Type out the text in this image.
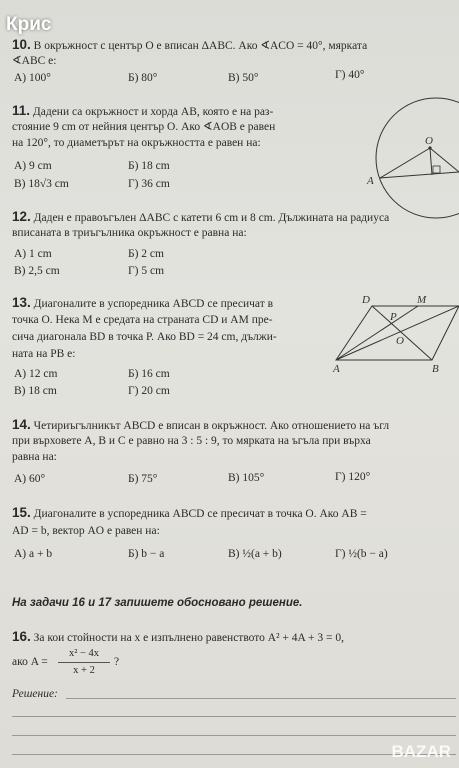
Крис
10. В окръжност с център O е вписан ΔABC. Ако ∢ACO = 40°, мярката
∢ABC е:
А) 100°	Б) 80°	В) 50°	Г) 40°
11. Дадени са окръжност и хорда AB, която е на раз-
стояние 9 cm от нейния център O. Ако ∢AOB е равен
на 120°, то диаметърът на окръжността е равен на:
А) 9 cm	Б) 18 cm
В) 18√3 cm	Г) 36 cm
O
A
12. Даден е правоъгълен ΔABC с катети 6 cm и 8 cm. Дължината на радиуса
вписаната в триъгълника окръжност е равна на:
А) 1 cm	Б) 2 cm
В) 2,5 cm	Г) 5 cm
13. Диагоналите в успоредника ABCD се пресичат в
точка O. Нека M е средата на страната CD и AM пре-
сича диагонала BD в точка P. Ако BD = 24 cm, дължи-
ната на PB е:
А) 12 cm	Б) 16 cm
В) 18 cm	Г) 20 cm
D	M
P
O
A	B
14. Четириъгълникът ABCD е вписан в окръжност. Ако отношението на ъгл
при върховете A, B и C е равно на 3 : 5 : 9, то мярката на ъгъла при върха
равна на:
А) 60°	Б) 75°	В) 105°	Г) 120°
15. Диагоналите в успоредника ABCD се пресичат в точка O. Ако AB =
AD = b, вектор AO е равен на:
А) a + b	Б) b − a	В) ½(a + b)	Г) ½(b − a)
На задачи 16 и 17 запишете обосновано решение.
16. За кои стойности на x е изпълнено равенството A² + 4A + 3 = 0,
ако A =
x² − 4x
x + 2
?
Решение:
BAZAR
